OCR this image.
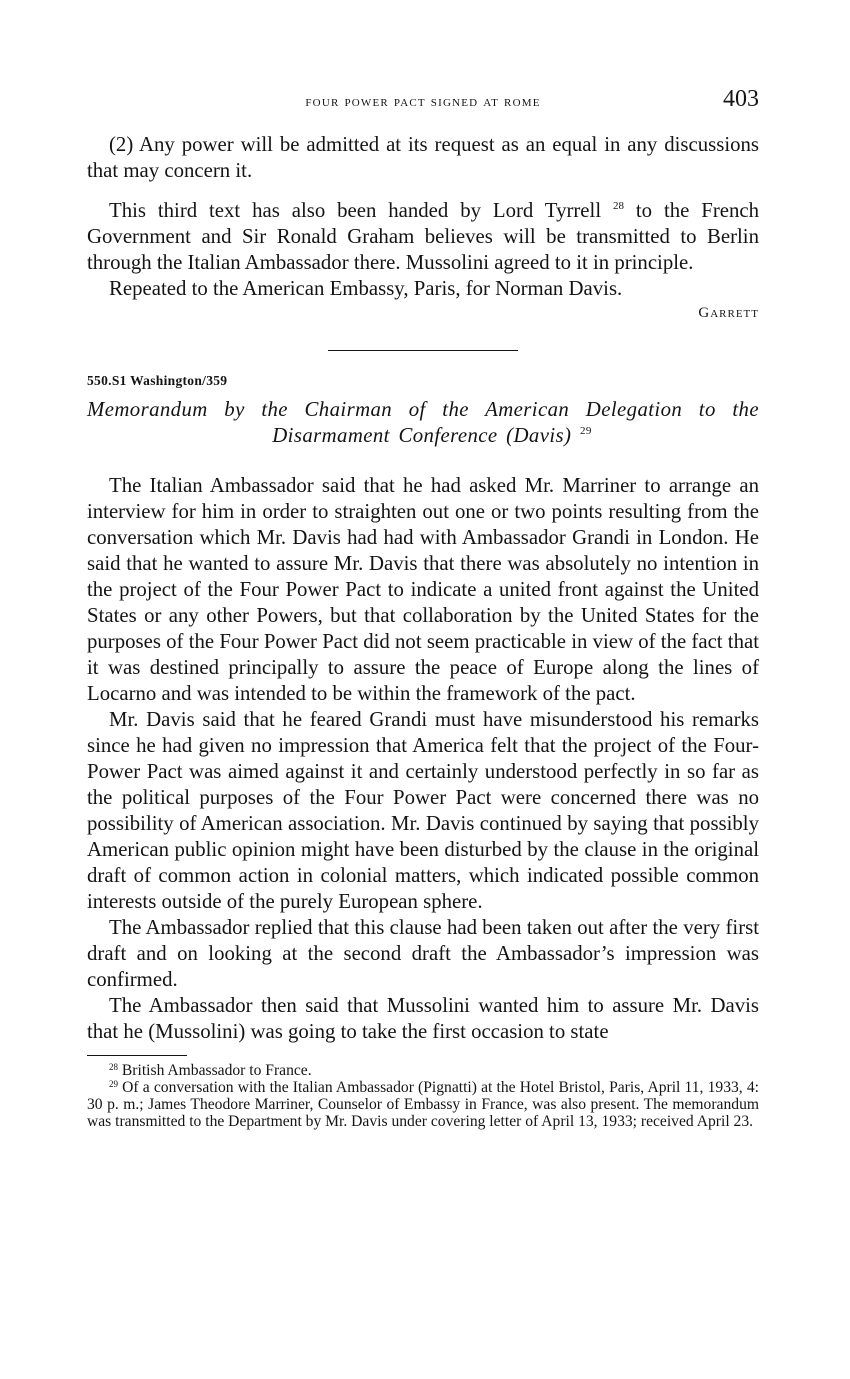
four power pact signed at rome	403

(2) Any power will be admitted at its request as an equal in any discussions that may concern it.

This third text has also been handed by Lord Tyrrell $^{28}$ to the French Government and Sir Ronald Graham believes will be transmitted to Berlin through the Italian Ambassador there. Mussolini agreed to it in principle.

Repeated to the American Embassy, Paris, for Norman Davis.

Garrett
550.S1 Washington/359
Memorandum by the Chairman of the American Delegation to the
Disarmament Conference (Davis) $^{29}$

The Italian Ambassador said that he had asked Mr. Marriner to arrange an interview for him in order to straighten out one or two points resulting from the conversation which Mr. Davis had had with Ambassador Grandi in London. He said that he wanted to assure Mr. Davis that there was absolutely no intention in the project of the Four Power Pact to indicate a united front against the United States or any other Powers, but that collaboration by the United States for the purposes of the Four Power Pact did not seem practicable in view of the fact that it was destined principally to assure the peace of Europe along the lines of Locarno and was intended to be within the framework of the pact.

Mr. Davis said that he feared Grandi must have misunderstood his remarks since he had given no impression that America felt that the project of the Four-Power Pact was aimed against it and certainly understood perfectly in so far as the political purposes of the Four Power Pact were concerned there was no possibility of American association. Mr. Davis continued by saying that possibly American public opinion might have been disturbed by the clause in the original draft of common action in colonial matters, which indicated possible common interests outside of the purely European sphere.

The Ambassador replied that this clause had been taken out after the very first draft and on looking at the second draft the Ambassador’s impression was confirmed.

The Ambassador then said that Mussolini wanted him to assure Mr. Davis that he (Mussolini) was going to take the first occasion to state

$^{28}$ British Ambassador to France.

$^{29}$ Of a conversation with the Italian Ambassador (Pignatti) at the Hotel Bristol, Paris, April 11, 1933, 4: 30 p. m.; James Theodore Marriner, Counselor of Embassy in France, was also present. The memorandum was transmitted to the Department by Mr. Davis under covering letter of April 13, 1933; received April 23.
